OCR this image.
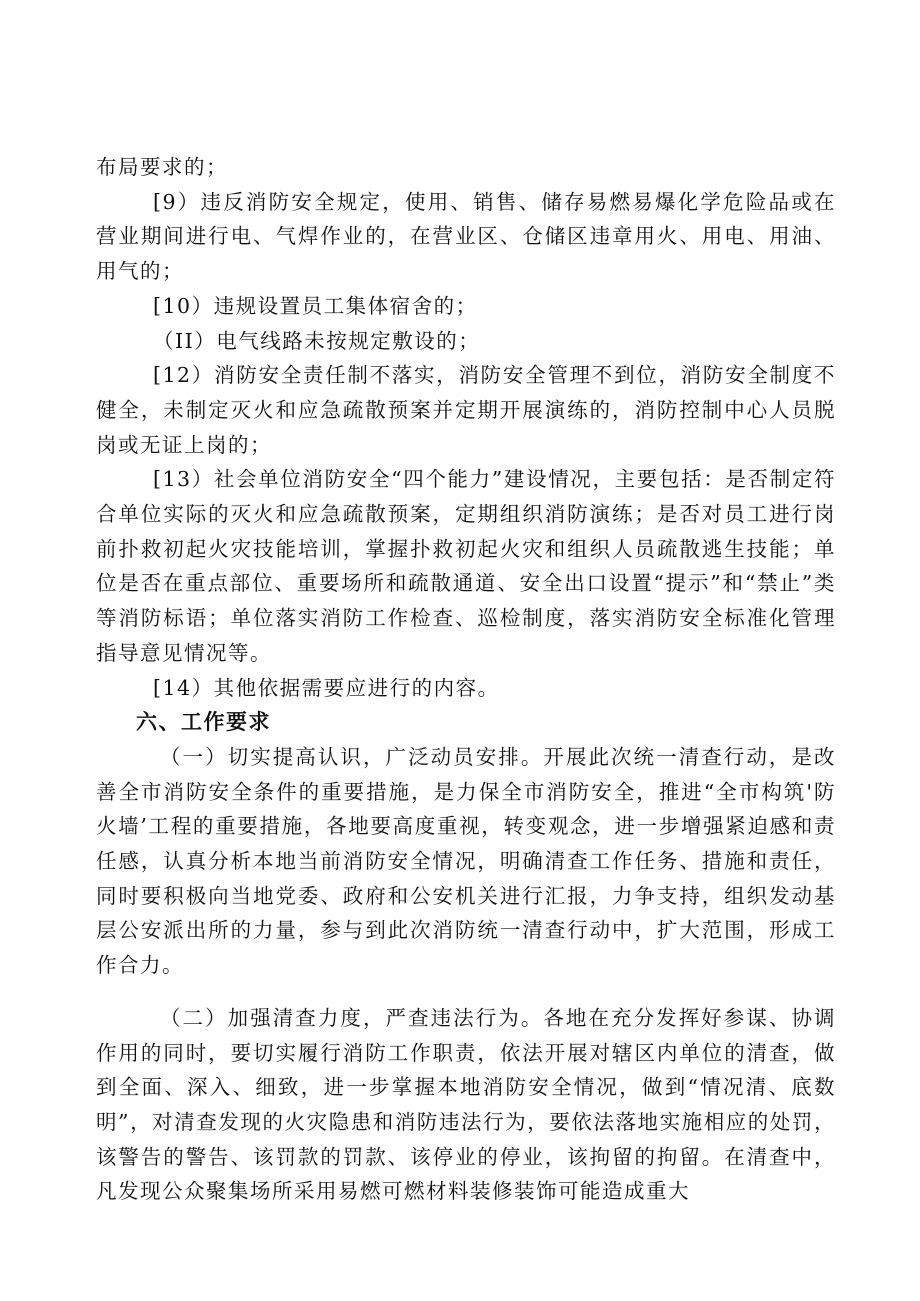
布局要求的；

[9）违反消防安全规定，使用、销售、储存易燃易爆化学危险品或在营业期间进行电、气焊作业的，在营业区、仓储区违章用火、用电、用油、用气的；

[10）违规设置员工集体宿舍的；

（II）电气线路未按规定敷设的；

[12）消防安全责任制不落实，消防安全管理不到位，消防安全制度不健全，未制定灭火和应急疏散预案并定期开展演练的，消防控制中心人员脱岗或无证上岗的；

[13）社会单位消防安全“四个能力”建设情况，主要包括：是否制定符合单位实际的灭火和应急疏散预案，定期组织消防演练；是否对员工进行岗前扑救初起火灾技能培训，掌握扑救初起火灾和组织人员疏散逃生技能；单位是否在重点部位、重要场所和疏散通道、安全出口设置“提示”和“禁止”类等消防标语；单位落实消防工作检查、巡检制度，落实消防安全标准化管理指导意见情况等。

[14）其他依据需要应进行的内容。

六、工作要求

（一）切实提高认识，广泛动员安排。开展此次统一清查行动，是改善全市消防安全条件的重要措施，是力保全市消防安全，推进“全市构筑'防火墙’工程的重要措施，各地要高度重视，转变观念，进一步增强紧迫感和责任感，认真分析本地当前消防安全情况，明确清查工作任务、措施和责任，同时要积极向当地党委、政府和公安机关进行汇报，力争支持，组织发动基层公安派出所的力量，参与到此次消防统一清查行动中，扩大范围，形成工作合力。

（二）加强清查力度，严查违法行为。各地在充分发挥好参谋、协调作用的同时，要切实履行消防工作职责，依法开展对辖区内单位的清查，做到全面、深入、细致，进一步掌握本地消防安全情况，做到“情况清、底数明”，对清查发现的火灾隐患和消防违法行为，要依法落地实施相应的处罚，该警告的警告、该罚款的罚款、该停业的停业，该拘留的拘留。在清查中，凡发现公众聚集场所采用易燃可燃材料装修装饰可能造成重大
